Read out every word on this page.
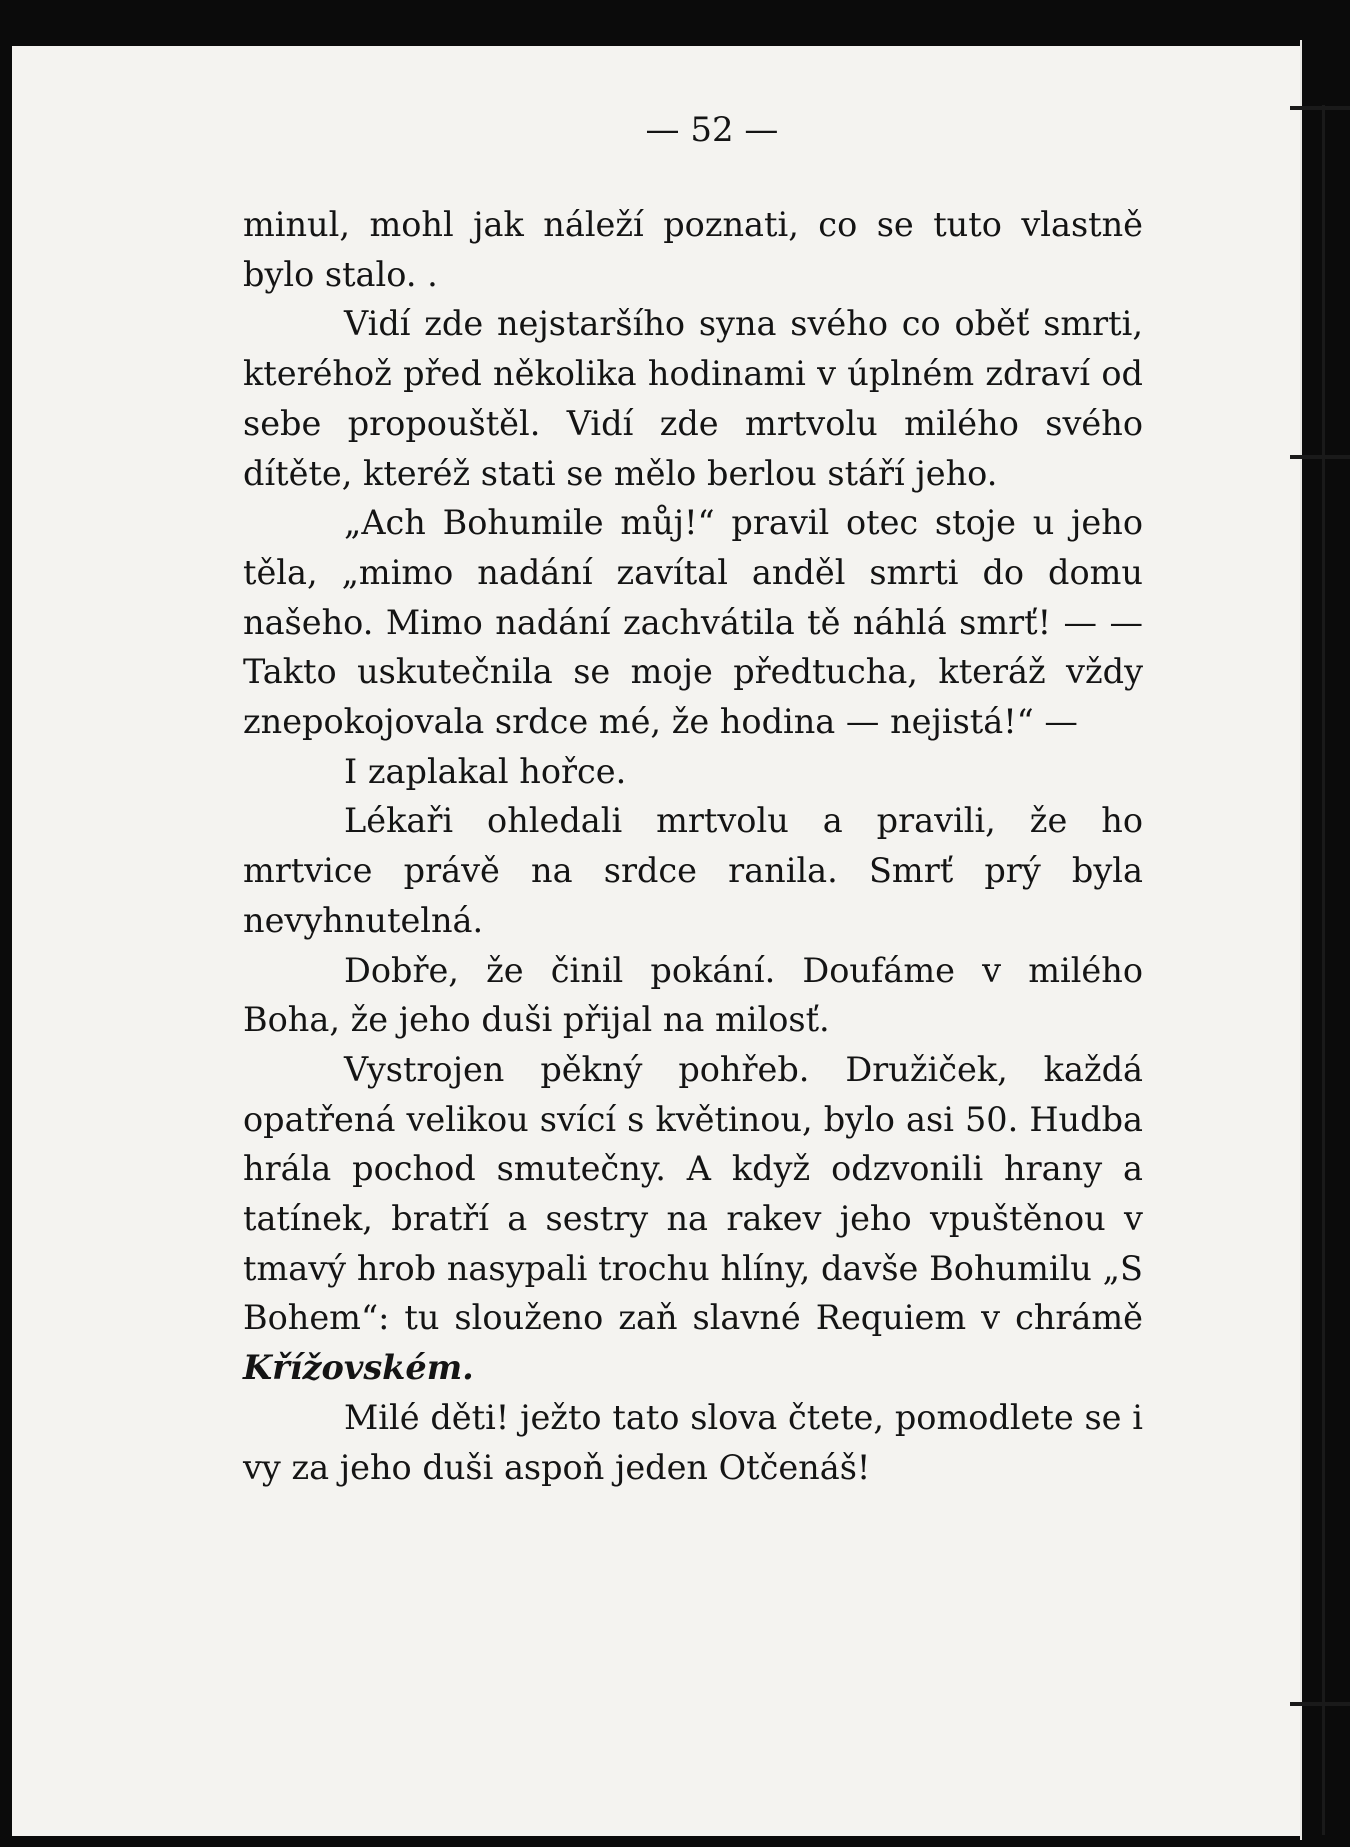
— 52 —

minul, mohl jak náleží poznati, co se tuto vlastně bylo stalo. .

Vidí zde nejstaršího syna svého co oběť smrti, kteréhož před několika hodinami v úplném zdraví od sebe propouštěl. Vidí zde mrtvolu milého svého dítěte, kteréž stati se mělo berlou stáří jeho.

„Ach Bohumile můj!“ pravil otec stoje u jeho těla, „mimo nadání zavítal anděl smrti do domu našeho. Mimo nadání zachvátila tě náhlá smrť! — — Takto uskutečnila se moje předtucha, kteráž vždy znepokojovala srdce mé, že hodina — nejistá!“ —

I zaplakal hořce.

Lékaři ohledali mrtvolu a pravili, že ho mrtvice právě na srdce ranila. Smrť prý byla nevyhnutelná.

Dobře, že činil pokání. Doufáme v milého Boha, že jeho duši přijal na milosť.

Vystrojen pěkný pohřeb. Družiček, každá opatřená velikou svící s květinou, bylo asi 50. Hudba hrála pochod smutečny. A když odzvonili hrany a tatínek, bratří a sestry na rakev jeho vpuštěnou v tmavý hrob nasypali trochu hlíny, davše Bohumilu „S Bohem“: tu slouženo zaň slavné Requiem v chrámě Křížovském.

Milé děti! ježto tato slova čtete, pomodlete se i vy za jeho duši aspoň jeden Otčenáš!
